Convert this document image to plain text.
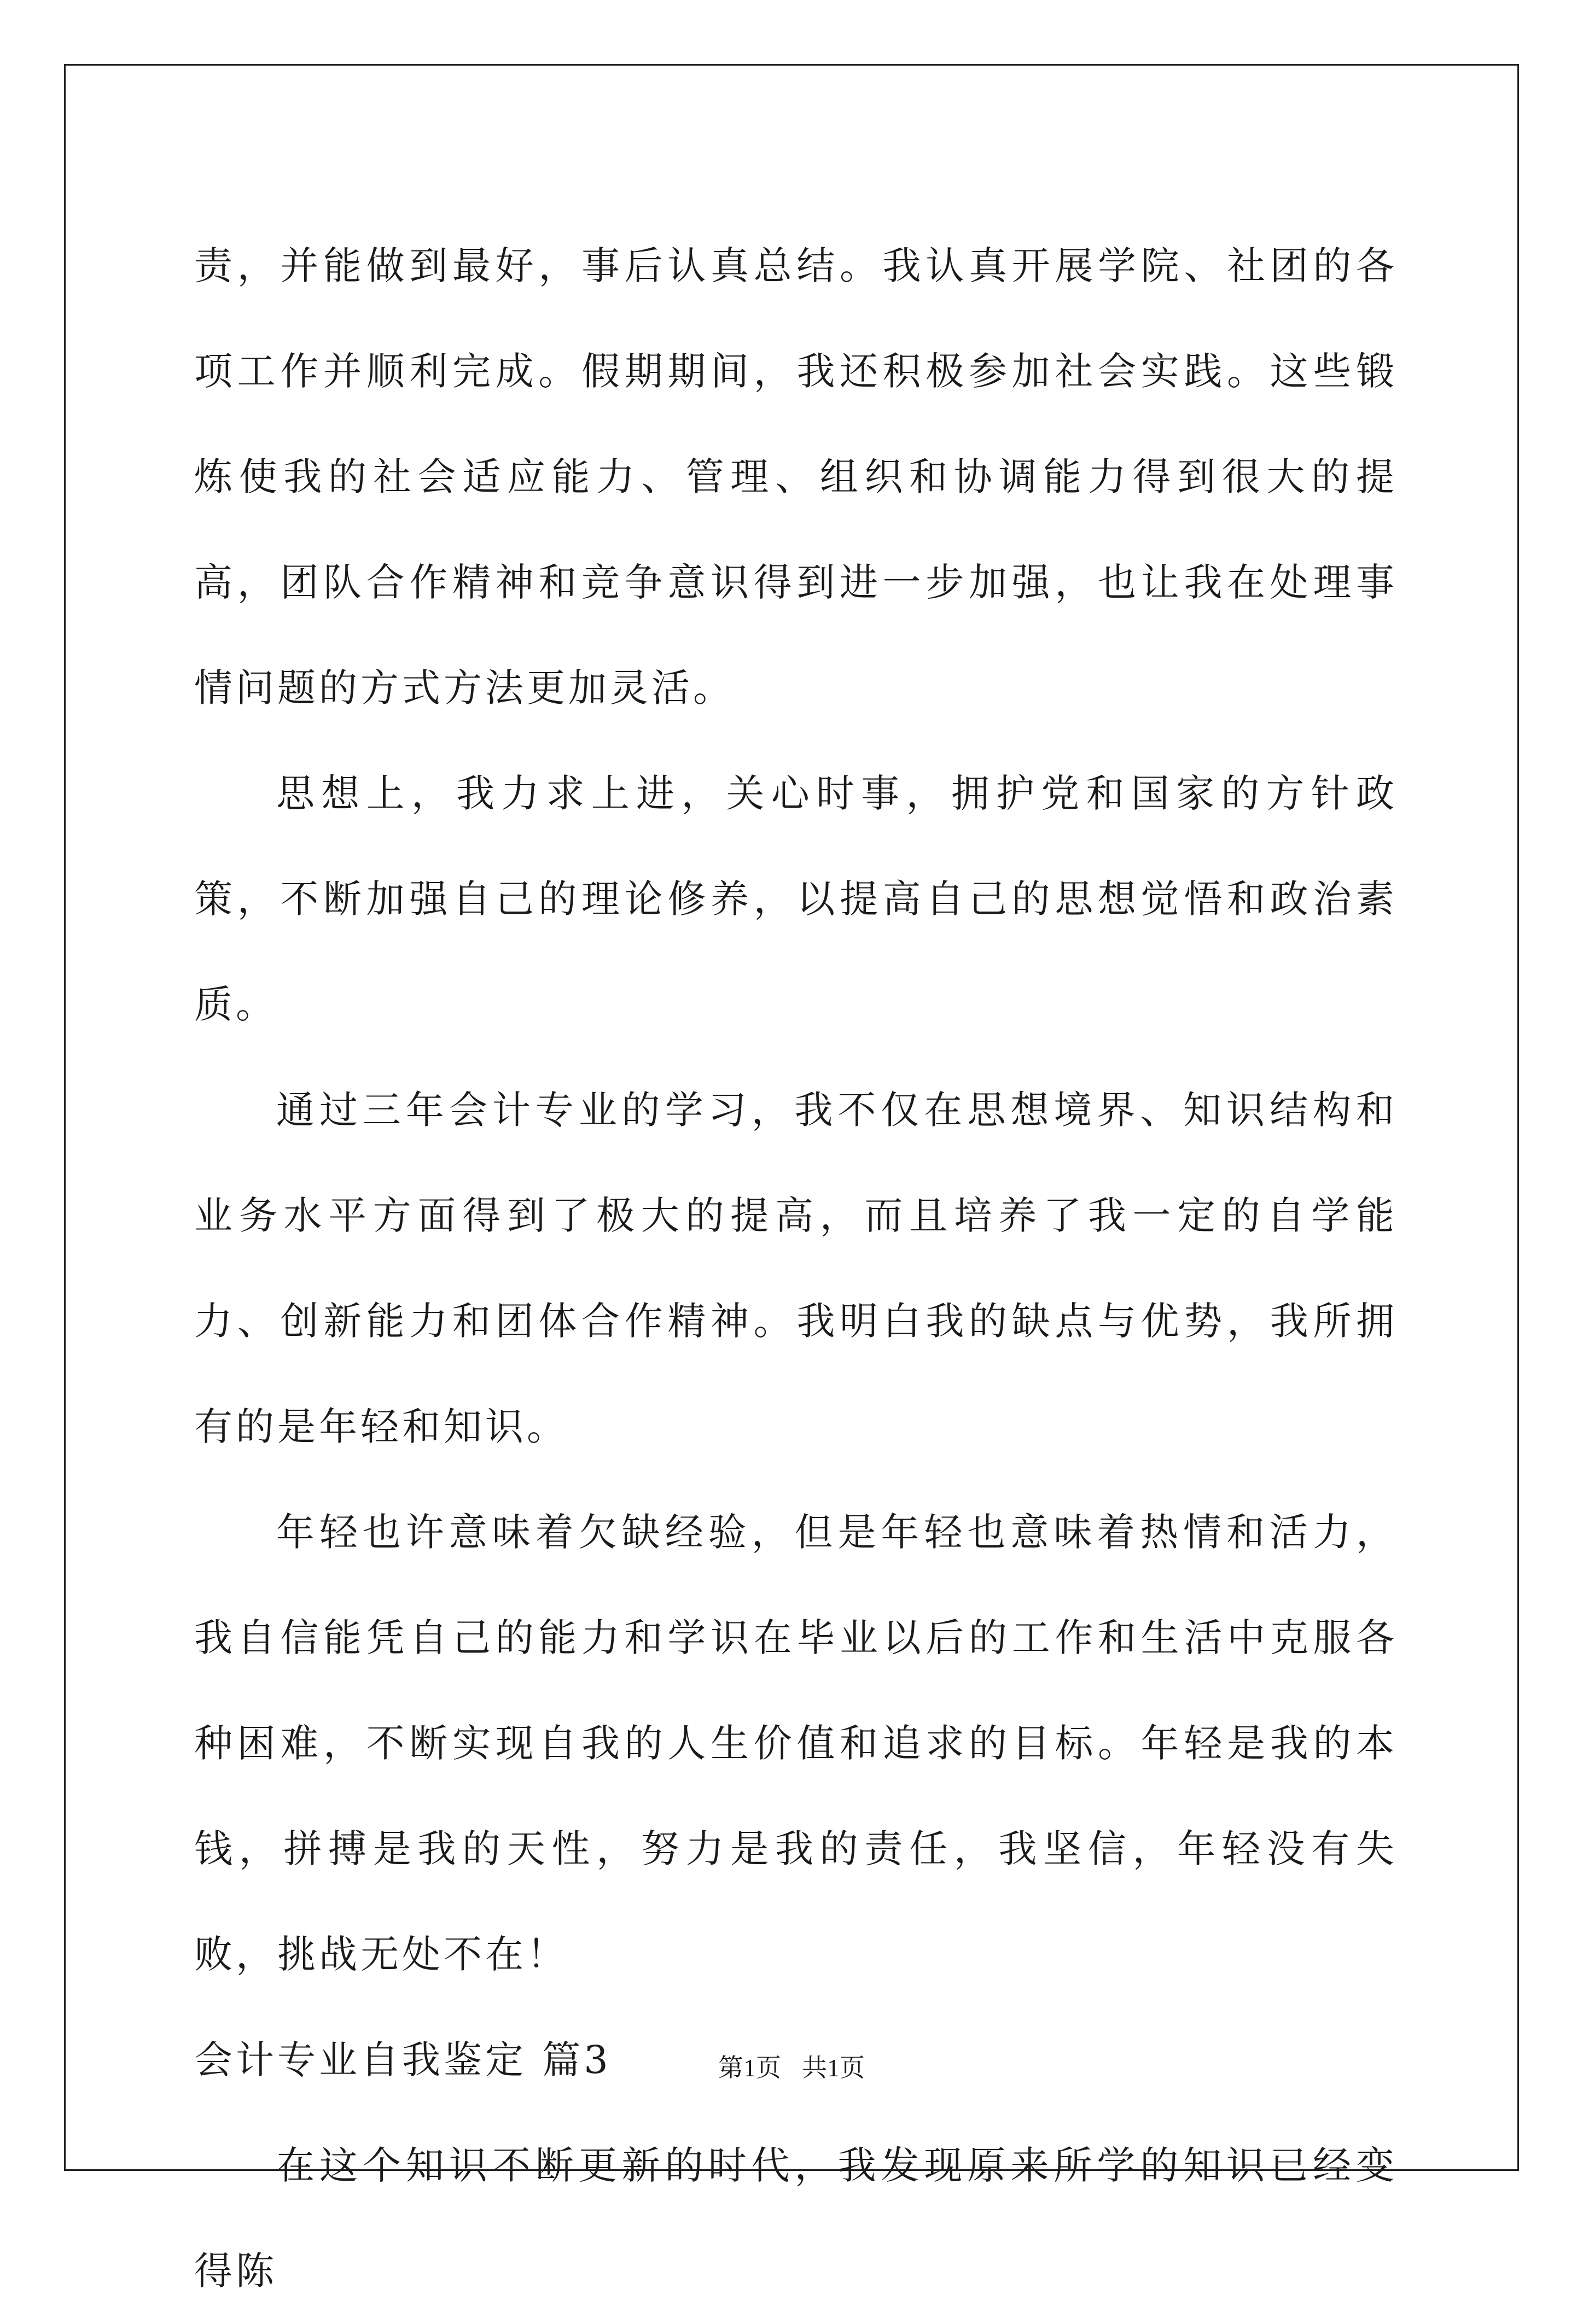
责，并能做到最好，事后认真总结。我认真开展学院、社团的各项工作并顺利完成。假期期间，我还积极参加社会实践。这些锻炼使我的社会适应能力、管理、组织和协调能力得到很大的提高，团队合作精神和竞争意识得到进一步加强，也让我在处理事情问题的方式方法更加灵活。

思想上，我力求上进，关心时事，拥护党和国家的方针政策，不断加强自己的理论修养，以提高自己的思想觉悟和政治素质。

通过三年会计专业的学习，我不仅在思想境界、知识结构和业务水平方面得到了极大的提高，而且培养了我一定的自学能力、创新能力和团体合作精神。我明白我的缺点与优势，我所拥有的是年轻和知识。

年轻也许意味着欠缺经验，但是年轻也意味着热情和活力，我自信能凭自己的能力和学识在毕业以后的工作和生活中克服各种困难，不断实现自我的人生价值和追求的目标。年轻是我的本钱，拼搏是我的天性，努力是我的责任，我坚信，年轻没有失败，挑战无处不在！

会计专业自我鉴定 篇3

在这个知识不断更新的时代，我发现原来所学的知识已经变得陈

第1页 共1页
